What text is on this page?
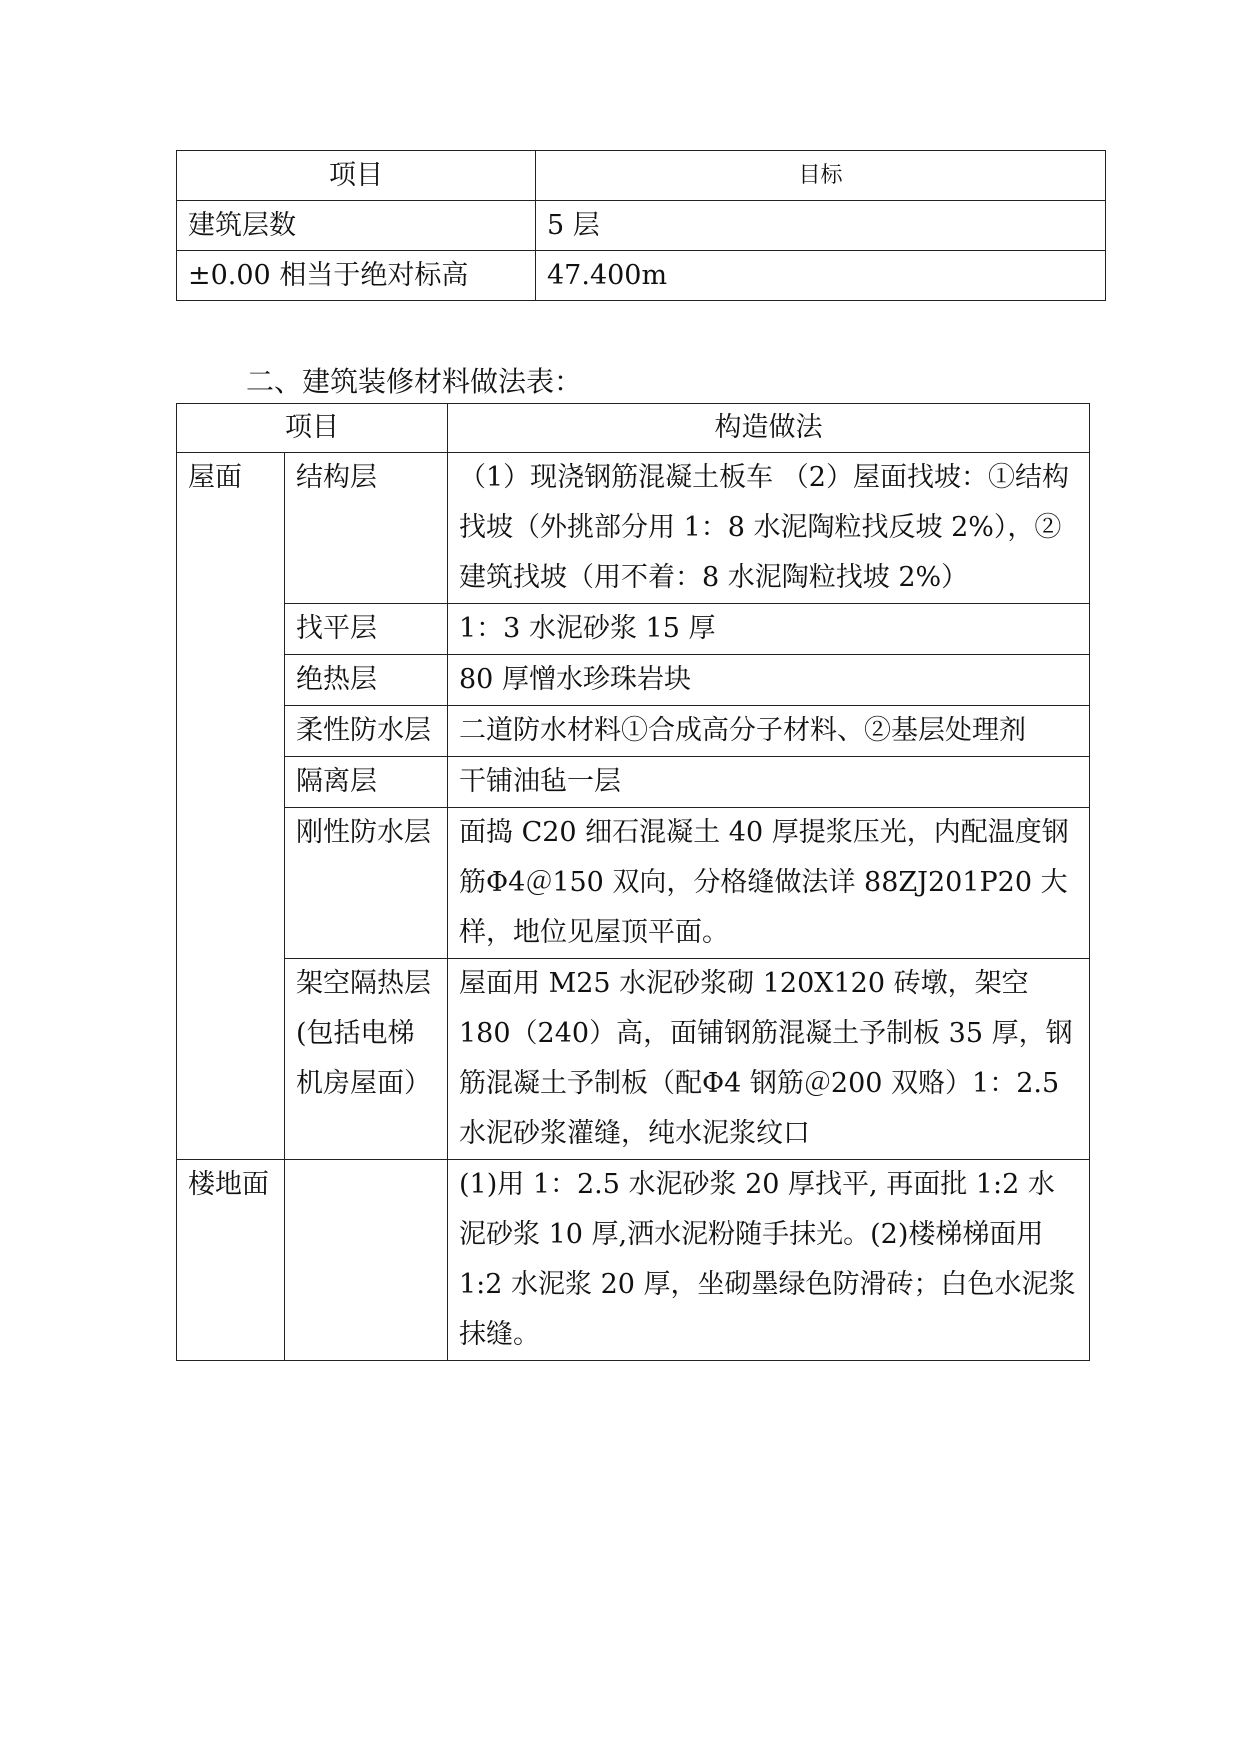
项目	目标
建筑层数	5 层
±0.00 相当于绝对标高	47.400m

二、建筑装修材料做法表：

项目		构造做法
屋面	结构层	（1）现浇钢筋混凝土板车 （2）屋面找坡：①结构找坡（外挑部分用 1：8 水泥陶粒找反坡 2%），②建筑找坡（用不着：8 水泥陶粒找坡 2%）
	找平层	1：3 水泥砂浆 15 厚
	绝热层	80 厚憎水珍珠岩块
	柔性防水层	二道防水材料①合成高分子材料、②基层处理剂
	隔离层	干铺油毡一层
	刚性防水层	面捣 C20 细石混凝土 40 厚提浆压光，内配温度钢筋Φ4＠150 双向，分格缝做法详 88ZJ201P20 大样，地位见屋顶平面。
	架空隔热层(包括电梯机房屋面）	屋面用 M25 水泥砂浆砌 120X120 砖墩，架空 180（240）高，面铺钢筋混凝土予制板 35 厚，钢筋混凝土予制板（配Φ4 钢筋＠200 双赂）1：2.5 水泥砂浆灌缝，纯水泥浆纹口
楼地面		(1)用 1：2.5 水泥砂浆 20 厚找平, 再面批 1:2 水泥砂浆 10 厚,洒水泥粉随手抹光。(2)楼梯梯面用 1:2 水泥浆 20 厚，坐砌墨绿色防滑砖；白色水泥浆抹缝。
